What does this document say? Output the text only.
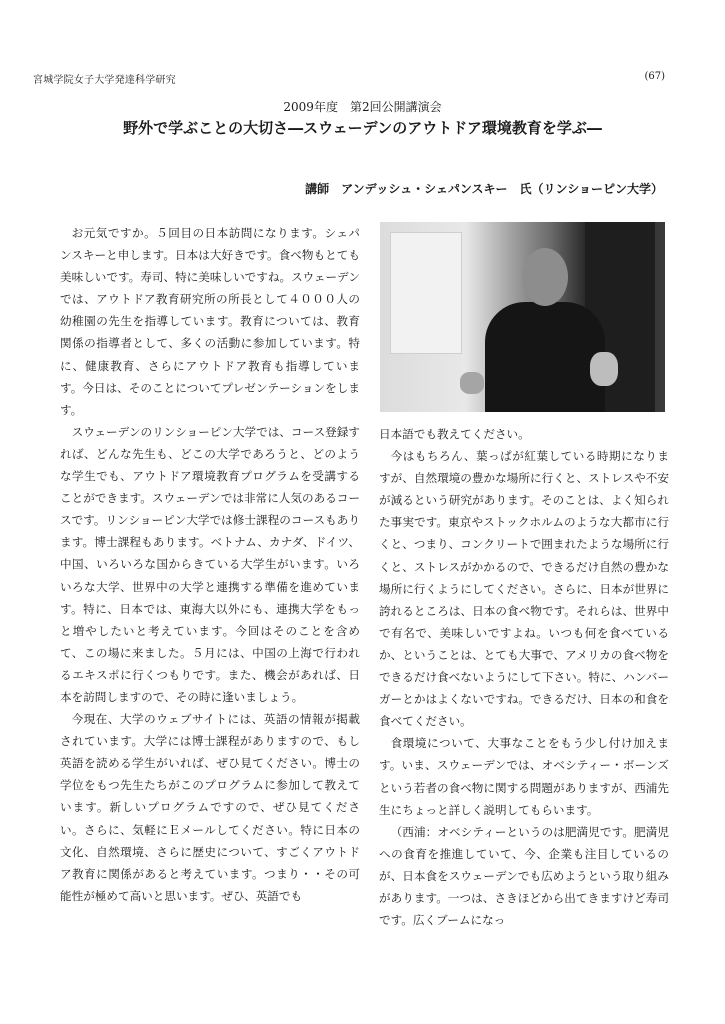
宮城学院女子大学発達科学研究	(67)
2009年度　第2回公開講演会
野外で学ぶことの大切さ―スウェーデンのアウトドア環境教育を学ぶ―
講師　アンデッシュ・シェパンスキー　氏（リンショーピン大学）

お元気ですか。５回目の日本訪問になります。シェパンスキーと申します。日本は大好きです。食べ物もとても美味しいです。寿司、特に美味しいですね。スウェーデンでは、アウトドア教育研究所の所長として４０００人の幼稚園の先生を指導しています。教育については、教育関係の指導者として、多くの活動に参加しています。特に、健康教育、さらにアウトドア教育も指導しています。今日は、そのことについてプレゼンテーションをします。

スウェーデンのリンショーピン大学では、コース登録すれば、どんな先生も、どこの大学であろうと、どのような学生でも、アウトドア環境教育プログラムを受講することができます。スウェーデンでは非常に人気のあるコースです。リンショーピン大学では修士課程のコースもあります。博士課程もあります。ベトナム、カナダ、ドイツ、中国、いろいろな国からきている大学生がいます。いろいろな大学、世界中の大学と連携する準備を進めています。特に、日本では、東海大以外にも、連携大学をもっと増やしたいと考えています。今回はそのことを含めて、この場に来ました。５月には、中国の上海で行われるエキスポに行くつもりです。また、機会があれば、日本を訪問しますので、その時に逢いましょう。

今現在、大学のウェブサイトには、英語の情報が掲載されています。大学には博士課程がありますので、もし英語を読める学生がいれば、ぜひ見てください。博士の学位をもつ先生たちがこのプログラムに参加して教えています。新しいプログラムですので、ぜひ見てください。さらに、気軽にＥメールしてください。特に日本の文化、自然環境、さらに歴史について、すごくアウトドア教育に関係があると考えています。つまり・・その可能性が極めて高いと思います。ぜひ、英語でも

日本語でも教えてください。

今はもちろん、葉っぱが紅葉している時期になりますが、自然環境の豊かな場所に行くと、ストレスや不安が減るという研究があります。そのことは、よく知られた事実です。東京やストックホルムのような大都市に行くと、つまり、コンクリートで囲まれたような場所に行くと、ストレスがかかるので、できるだけ自然の豊かな場所に行くようにしてください。さらに、日本が世界に誇れるところは、日本の食べ物です。それらは、世界中で有名で、美味しいですよね。いつも何を食べているか、ということは、とても大事で、アメリカの食べ物をできるだけ食べないようにして下さい。特に、ハンバーガーとかはよくないですね。できるだけ、日本の和食を食べてください。

食環境について、大事なことをもう少し付け加えます。いま、スウェーデンでは、オベシティー・ボーンズという若者の食べ物に関する問題がありますが、西浦先生にちょっと詳しく説明してもらいます。

（西浦：オベシティーというのは肥満児です。肥満児への食育を推進していて、今、企業も注目しているのが、日本食をスウェーデンでも広めようという取り組みがあります。一つは、さきほどから出てきますけど寿司です。広くブームになっ
